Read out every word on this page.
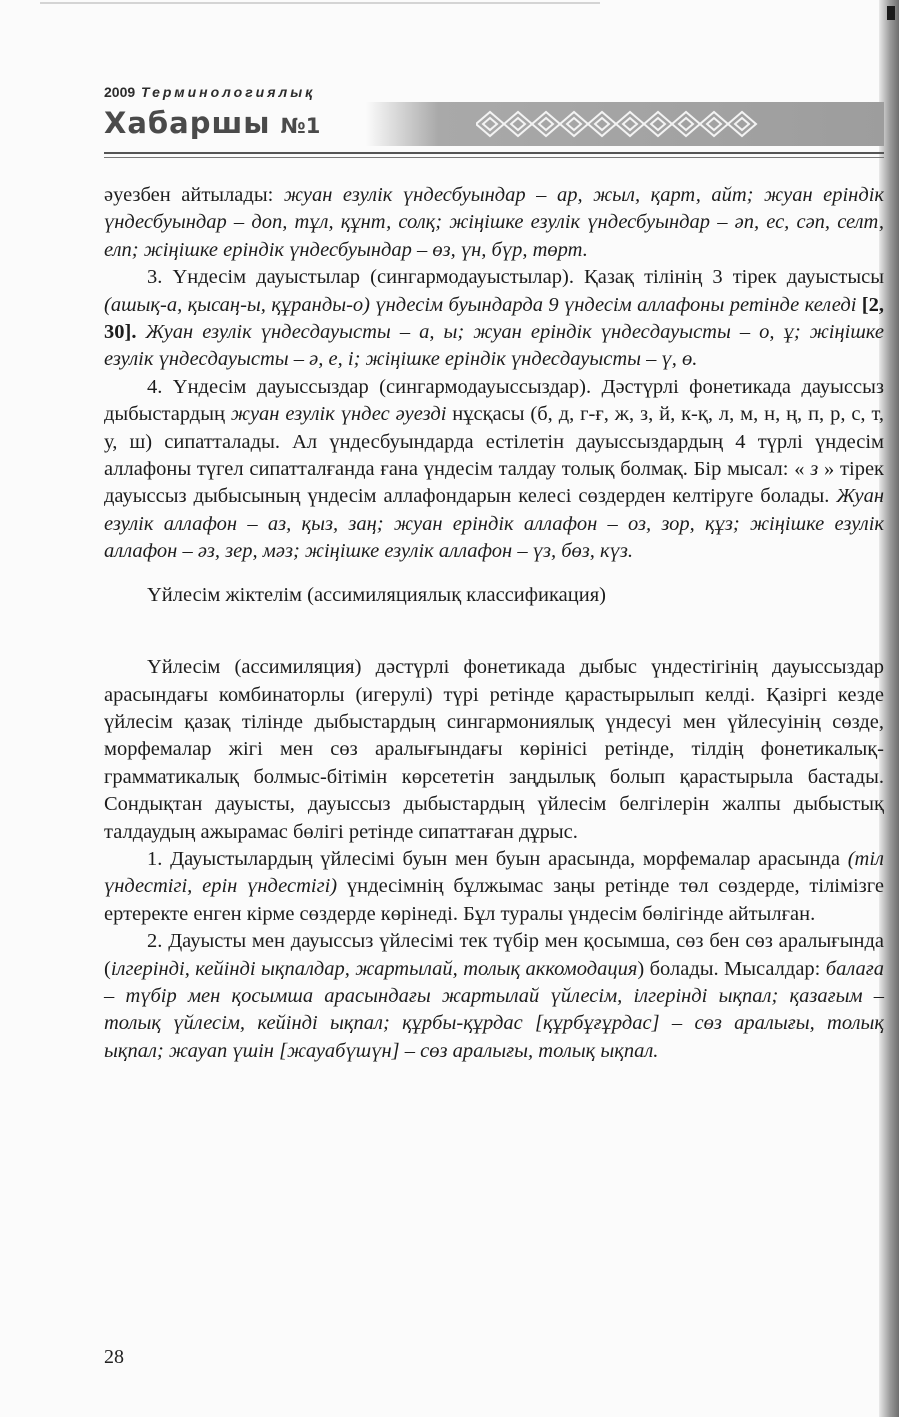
2009 Терминологиялық
Хабаршы №1

әуезбен айтылады: жуан езулік үндесбуындар – ар, жыл, қарт, айт; жуан еріндік үндесбуындар – доп, тұл, құнт, солқ; жіңішке езулік үндесбуындар – әп, ес, сәп, селт, елп; жіңішке еріндік үндесбуындар – өз, үн, бүр, төрт.

3. Үндесім дауыстылар (сингармодауыстылар). Қазақ тілінің 3 тірек дауыстысы (ашық-а, қысаң-ы, құранды-о) үндесім буындарда 9 үндесім аллафоны ретінде келеді [2, 30]. Жуан езулік үндесдауысты – а, ы; жуан еріндік үндесдауысты – о, ұ; жіңішке езулік үндесдауысты – ә, е, і; жіңішке еріндік үндесдауысты – ү, ө.

4. Үндесім дауыссыздар (сингармодауыссыздар). Дәстүрлі фонетикада дауыссыз дыбыстардың жуан езулік үндес әуезді нұсқасы (б, д, г-ғ, ж, з, й, к-қ, л, м, н, ң, п, р, с, т, у, ш) сипатталады. Ал үндесбуындарда естілетін дауыссыздардың 4 түрлі үндесім аллафоны түгел сипатталғанда ғана үндесім талдау толық болмақ. Бір мысал: « з » тірек дауыссыз дыбысының үндесім аллафондарын келесі сөздерден келтіруге болады. Жуан езулік аллафон – аз, қыз, заң; жуан еріндік аллафон – оз, зор, құз; жіңішке езулік аллафон – әз, зер, мәз; жіңішке езулік аллафон – үз, бөз, күз.

Үйлесім жіктелім (ассимиляциялық классификация)

Үйлесім (ассимиляция) дәстүрлі фонетикада дыбыс үндестігінің дауыссыздар арасындағы комбинаторлы (игерулі) түрі ретінде қарастырылып келді. Қазіргі кезде үйлесім қазақ тілінде дыбыстардың сингармониялық үндесуі мен үйлесуінің сөзде, морфемалар жігі мен сөз аралығындағы көрінісі ретінде, тілдің фонетикалық-грамматикалық болмыс-бітімін көрсететін заңдылық болып қарастырыла бастады. Сондықтан дауысты, дауыссыз дыбыстардың үйлесім белгілерін жалпы дыбыстық талдаудың ажырамас бөлігі ретінде сипаттаған дұрыс.

1. Дауыстылардың үйлесімі буын мен буын арасында, морфемалар арасында (тіл үндестігі, ерін үндестігі) үндесімнің бұлжымас заңы ретінде төл сөздерде, тілімізге ертеректе енген кірме сөздерде көрінеді. Бұл туралы үндесім бөлігінде айтылған.

2. Дауысты мен дауыссыз үйлесімі тек түбір мен қосымша, сөз бен сөз аралығында (ілгерінді, кейінді ықпалдар, жартылай, толық аккомодация) болады. Мысалдар: балаға – түбір мен қосымша арасындағы жартылай үйлесім, ілгерінді ықпал; қазағым – толық үйлесім, кейінді ықпал; құрбы-құрдас [құрбұғұрдас] – сөз аралығы, толық ықпал; жауап үшін [жауабүшүн] – сөз аралығы, толық ықпал.

28
